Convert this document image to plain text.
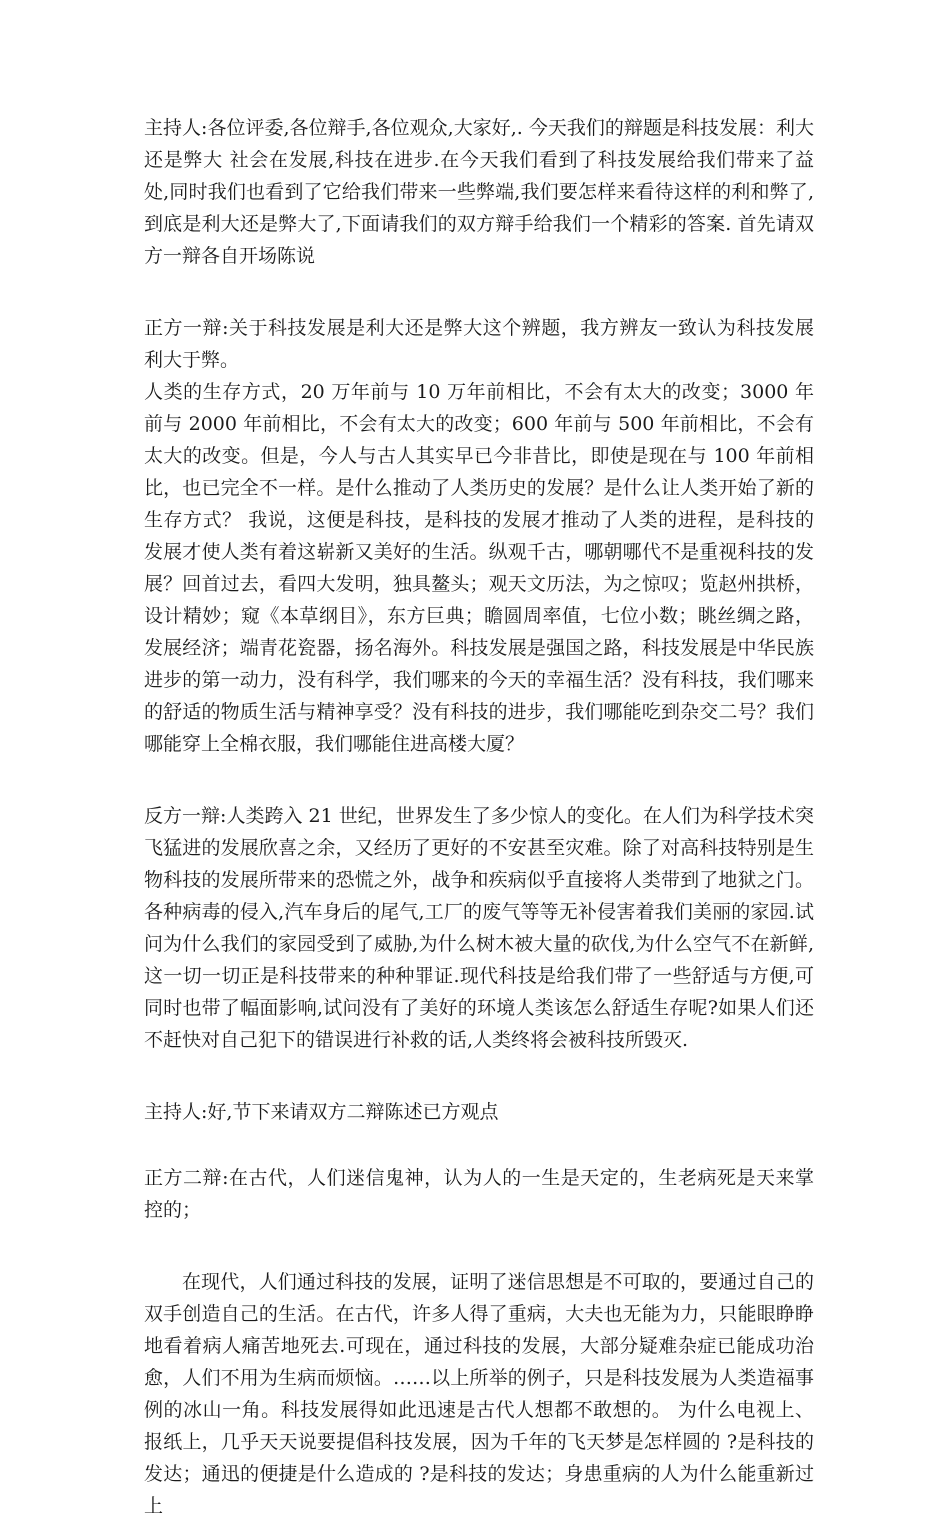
主持人:各位评委,各位辩手,各位观众,大家好,. 今天我们的辩题是科技发展：利大还是弊大 社会在发展,科技在进步.在今天我们看到了科技发展给我们带来了益处,同时我们也看到了它给我们带来一些弊端,我们要怎样来看待这样的利和弊了,到底是利大还是弊大了,下面请我们的双方辩手给我们一个精彩的答案. 首先请双方一辩各自开场陈说

正方一辩:关于科技发展是利大还是弊大这个辨题，我方辨友一致认为科技发展利大于弊。

人类的生存方式，20 万年前与 10 万年前相比，不会有太大的改变；3000 年前与 2000 年前相比，不会有太大的改变；600 年前与 500 年前相比，不会有太大的改变。但是，今人与古人其实早已今非昔比，即使是现在与 100 年前相比，也已完全不一样。是什么推动了人类历史的发展？是什么让人类开始了新的生存方式？ 我说，这便是科技，是科技的发展才推动了人类的进程，是科技的发展才使人类有着这崭新又美好的生活。纵观千古，哪朝哪代不是重视科技的发展？回首过去，看四大发明，独具鳌头；观天文历法，为之惊叹；览赵州拱桥，设计精妙；窥《本草纲目》，东方巨典；瞻圆周率值，七位小数；眺丝绸之路，发展经济；端青花瓷器，扬名海外。科技发展是强国之路，科技发展是中华民族进步的第一动力，没有科学，我们哪来的今天的幸福生活？没有科技，我们哪来的舒适的物质生活与精神享受？没有科技的进步，我们哪能吃到杂交二号？我们哪能穿上全棉衣服，我们哪能住进高楼大厦？

反方一辩:人类跨入 21 世纪，世界发生了多少惊人的变化。在人们为科学技术突飞猛进的发展欣喜之余，又经历了更好的不安甚至灾难。除了对高科技特别是生物科技的发展所带来的恐慌之外，战争和疾病似乎直接将人类带到了地狱之门。各种病毒的侵入,汽车身后的尾气,工厂的废气等等无补侵害着我们美丽的家园.试问为什么我们的家园受到了威胁,为什么树木被大量的砍伐,为什么空气不在新鲜,这一切一切正是科技带来的种种罪证.现代科技是给我们带了一些舒适与方便,可同时也带了幅面影响,试问没有了美好的环境人类该怎么舒适生存呢?如果人们还不赶快对自己犯下的错误进行补救的话,人类终将会被科技所毁灭.

主持人:好,节下来请双方二辩陈述已方观点

正方二辩:在古代，人们迷信鬼神，认为人的一生是天定的，生老病死是天来掌控的；

在现代，人们通过科技的发展，证明了迷信思想是不可取的，要通过自己的双手创造自己的生活。在古代，许多人得了重病，大夫也无能为力，只能眼睁睁地看着病人痛苦地死去.可现在，通过科技的发展，大部分疑难杂症已能成功治愈，人们不用为生病而烦恼。……以上所举的例子，只是科技发展为人类造福事例的冰山一角。科技发展得如此迅速是古代人想都不敢想的。 为什么电视上、报纸上，几乎天天说要提倡科技发展，因为千年的飞天梦是怎样圆的 ?是科技的发达；通迅的便捷是什么造成的 ?是科技的发达；身患重病的人为什么能重新过上
